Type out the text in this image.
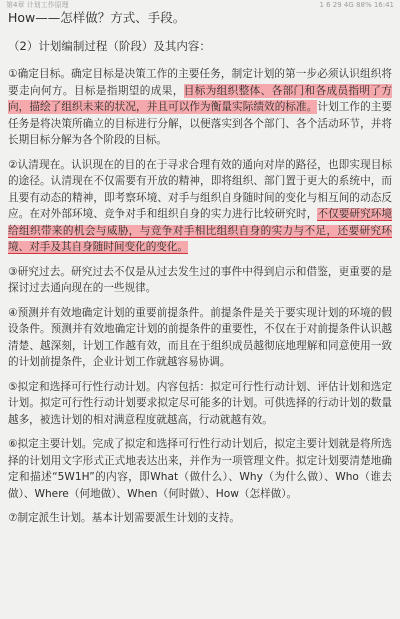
第4章 计划工作原理	1 6 29 4G 88% 16:41

How——怎样做？方式、手段。

（2）计划编制过程（阶段）及其内容：

①确定目标。确定目标是决策工作的主要任务，制定计划的第一步必须认识组织将要走向何方。目标是指期望的成果，目标为组织整体、各部门和各成员指明了方向，描绘了组织未来的状况，并且可以作为衡量实际绩效的标准。计划工作的主要任务是将决策所确立的目标进行分解，以便落实到各个部门、各个活动环节，并将长期目标分解为各个阶段的目标。

②认清现在。认识现在的目的在于寻求合理有效的通向对岸的路径，也即实现目标的途径。认清现在不仅需要有开放的精神，即将组织、部门置于更大的系统中，而且要有动态的精神，即考察环境、对手与组织自身随时间的变化与相互间的动态反应。在对外部环境、竞争对手和组织自身的实力进行比较研究时，不仅要研究环境给组织带来的机会与威胁，与竞争对手相比组织自身的实力与不足，还要研究环境、对手及其自身随时间变化的变化。

③研究过去。研究过去不仅是从过去发生过的事件中得到启示和借鉴，更重要的是探讨过去通向现在的一些规律。

④预测并有效地确定计划的重要前提条件。前提条件是关于要实现计划的环境的假设条件。预测并有效地确定计划的前提条件的重要性，不仅在于对前提条件认识越清楚、越深刻，计划工作越有效，而且在于组织成员越彻底地理解和同意使用一致的计划前提条件，企业计划工作就越容易协调。

⑤拟定和选择可行性行动计划。内容包括：拟定可行性行动计划、评估计划和选定计划。拟定可行性行动计划要求拟定尽可能多的计划。可供选择的行动计划的数量越多，被选计划的相对满意程度就越高，行动就越有效。

⑥拟定主要计划。完成了拟定和选择可行性行动计划后，拟定主要计划就是将所选择的计划用文字形式正式地表达出来，并作为一项管理文件。拟定计划要清楚地确定和描述“5W1H”的内容，即What（做什么）、Why（为什么做）、Who（谁去做）、Where（何地做）、When（何时做）、How（怎样做）。

⑦制定派生计划。基本计划需要派生计划的支持。
